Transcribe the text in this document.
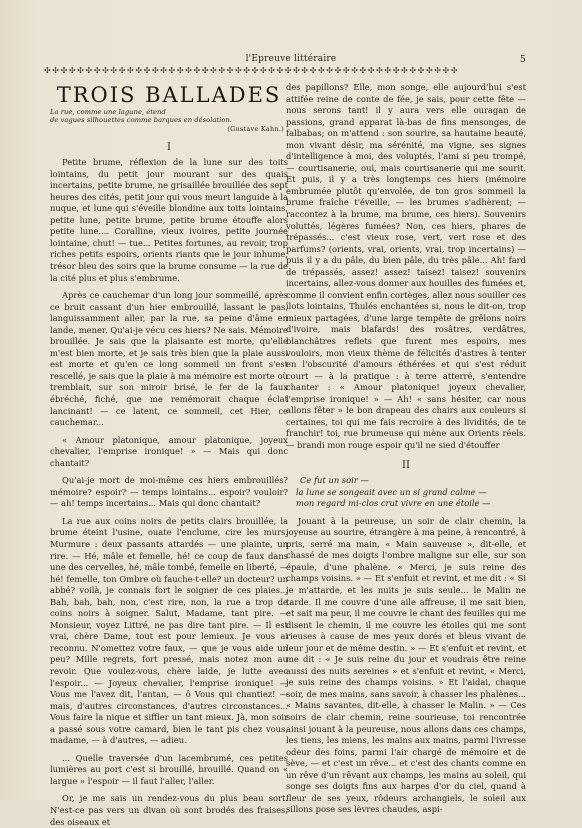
l'Epreuve littéraire	5
✣✣✣✣✣✣✣✣✣✣✣✣✣✣✣✣✣✣✣✣✣✣✣✣✣✣✣✣✣✣✣✣✣✣✣✣✣✣✣✣✣✣✣✣✣✣✣✣✣✣
TROIS BALLADES

La rue, comme une lagune, étend

de vagues silhouettes comme barques en désolation.

(Gustave Kahn.)
I

Petite brume, réflexion de la lune sur des toits lointains, du petit jour mourant sur des quais incertains, petite brume, ne grisaillée brouillée des sept heures des cités, petit jour qui vous meurt languide à la nuque, et lune qui s'éveille blondine aux toits lointains, petite lune, petite brume, petite brume étouffe alors petite lune.... Coralline, vieux ivoires, petite journée lointaine, chut! — tue... Petites fortunes, au revoir, trop riches petits espoirs, orients riants que le jour inhume, trésor bleu des soirs que la brume consume — la rue de la cité plus et plus s'embrume.

Après ce cauchemar d'un long jour sommeillé, après ce bruit cassant d'un hier embrouillé, lassant le pas, languissamment aller, par la rue, sa peine d'âme en lande, mener. Qu'ai-je vécu ces hiers? Ne sais. Mémoire brouillée. Je sais que la plaisante est morte, qu'elle m'est bien morte, et je sais très bien que la plaie aussi est morte et qu'en ce long sommeil un front s'est rescellé, je sais que la plaie à ma mémoire est morte où tremblait, sur son miroir brisé, le fer de la faux ébréché, fiché, que me remémorait chaque éclat lancinant! — ce latent, ce sommeil, cet Hier, ce cauchemar...

« Amour platonique, amour platonique, joyeux chevalier, l'emprise ironique! » — Mais qui donc chantait?

Qu'ai-je mort de moi-même ces hiers embrouillés? mémoire? espoir? — temps lointains... espoir? vouloir? — ah! temps incertains... Mais qui donc chantait?

La rue aux coins noirs de petits clairs brouillée, la brume éteint l'usine, ouate l'enclume, cire les murs. Murmure : deux passants attardés — une plainte, un rire. — Hé, mâle et femelle, hé! ce coup de faux dans une des cervelles, hé, mâle tombé, femelle en liberté, — hé! femelle, ton Ombre où fauche-t-elle? un docteur? un abbé? voilà, je connais fort le soigner de ces plaies... Bah, bah, bah, non, c'est rire, non, la rue a trop de coins noirs à soigner. Salut, Madame, tant pire. — Monsieur, voyez Littré, ne pas dire tant pire. — Il est vrai, chère Dame, tout est pour lemieux. Je vous ai reconnu. N'omettez votre faux, — que je vous aide un peu? Mille regrets, fort pressé, mais notez mon au revoir. Que voulez-vous, chère laide, je lutte avec l'espoir... — Joyeux chevalier, l'emprise ironique! — Vous me l'avez dit, l'antan, — ô Vous qui chantiez! — mais, d'autres circonstances, d'autres circonstances... Vous faire la nique et siffler un tant mieux. Jà, mon soir a passé sous votre camard, bien le tant pis chez vous, madame, — à d'autres, — adieu.

... Quelle traversée d'un lacembrumé, ces petites lumières au port c'est si brouillé, brouillé. Quand on « largue » l'espoir — il faut l'aller, l'aller.

Or, je me sais un rendez-vous du plus beau sort. N'est-ce pas vers un divan où sont brodés des fraises, des oiseaux et

des papillons? Elle, mon songe, elle aujourd'hui s'est attifée reine de conte de fée, je sais, pour cette fête — nous serons tant! il y aura vers elle ouragan de passions, grand apparat là-bas de fins mensonges, de falbabas; on m'attend : son sourire, sa hautaine beauté, mon vivant désir, ma sérénité, ma vigne, ses signes d'intelligence à moi, des voluptés, l'ami si peu trompé, — courtisanerie, oui, mais courtisanerie qui me sourit. Et puis, il y a très longtemps ces hiers (mémoire embrumée plutôt qu'envolée, de ton gros sommeil la brume fraîche t'éveille, — les brumes s'adhèrent; — raccontez à la brume, ma brume, ces hiers). Souvenirs voluttés, légères fumées? Non, ces hiers, phares de trépassés... c'est vieux rose, vert, vert rose et des parfums? (orients, vrai, orients, vrai, trop incertains) — puis il y a du pâle, du bien pâle, du très pâle... Ah! fard de trépassés, assez! assez! taisez! taisez! souvenirs incertains, allez-vous donner aux houilles des fumées et, comme il convient enfin cortèges, allez nous souiller ces îlots lointains, Thulés enchantées si, nous le dit-on, trop mieux partagées, d'une large tempête de grêlons noirs d'ivoire, mais blafards! des rosâtres, verdâtres, blanchâtres reflets que furent mes espoirs, mes vouloirs, mon vieux thème de félicités d'astres à tenter en l'obscurité d'amours éthérées et qui s'est réduit court — à la pratique : à terre atterré, s'entendre chanter : « Amour platonique! joyeux chevalier, l'emprise ironique! » — Ah! « sans hésiter, car nous allons fêter » le bon drapeau des chairs aux couleurs si certaines, toi qui me fais recroire à des lividités, de te franchir! toi, rue brumeuse qui mène aux Orients réels. — brandi mon rouge espoir qu'il ne sied d'étouffer

II

Ce fut un soir —

la lune se songeait avec un si grand calme —

mon regard mi-clos crut vivre en une étoile —

Jouant à la peureuse, un soir de clair chemin, la joyeuse au sourire, étrangère à ma peine, à rencontré, à pris, serré ma main, « Main sauveuse », dit-elle, et chassé de mes doigts l'ombre maligne sur elle, sur son épaule, d'une phalène. « Merci, je suis reine des champs voisins. » — Et s'enfuit et revint, et me dit : « Si je m'attarde, et les nuits je suis seule... le Malin ne tarde. Il me couvre d'une aile affreuse, il me sait bien, et sait ma peur, il me couvre le chant des feuilles qui me disent le chemin, il me couvre les étoiles qui me sont rieuses à cause de mes yeux dorés et bleus vivant de leur jour et de même destin. » — Et s'enfuit et revint, et me dit : « Je suis reine du jour et voudrais être reine aussi des nuits sereines » et s'enfuit et revint, « Merci, je suis reine des champs voisins. » Et l'aidai, chaque soir, de mes mains, sans savoir, à chasser les phalènes... « Mains savantes, dit-elle, à chasser le Malin. » — Ces soirs de clair chemin, reine sourieuse, toi rencontrée ainsi jouant à la peureuse, nous allons dans ces champs, les tiens, les miens, les mains aux mains, parmi l'ivresse odeur des foins, parmi l'air chargé de mémoire et de sève, — et c'est un rêve... et c'est des chants comme en un rêve d'un rêvant aux champs, les mains au soleil, qui songe ses doigts fins aux harpes d'or du ciel, quand à fleur de ses yeux, rôdeurs archangiels, le soleil aux sillons pose ses lèvres chaudes, aspi-
